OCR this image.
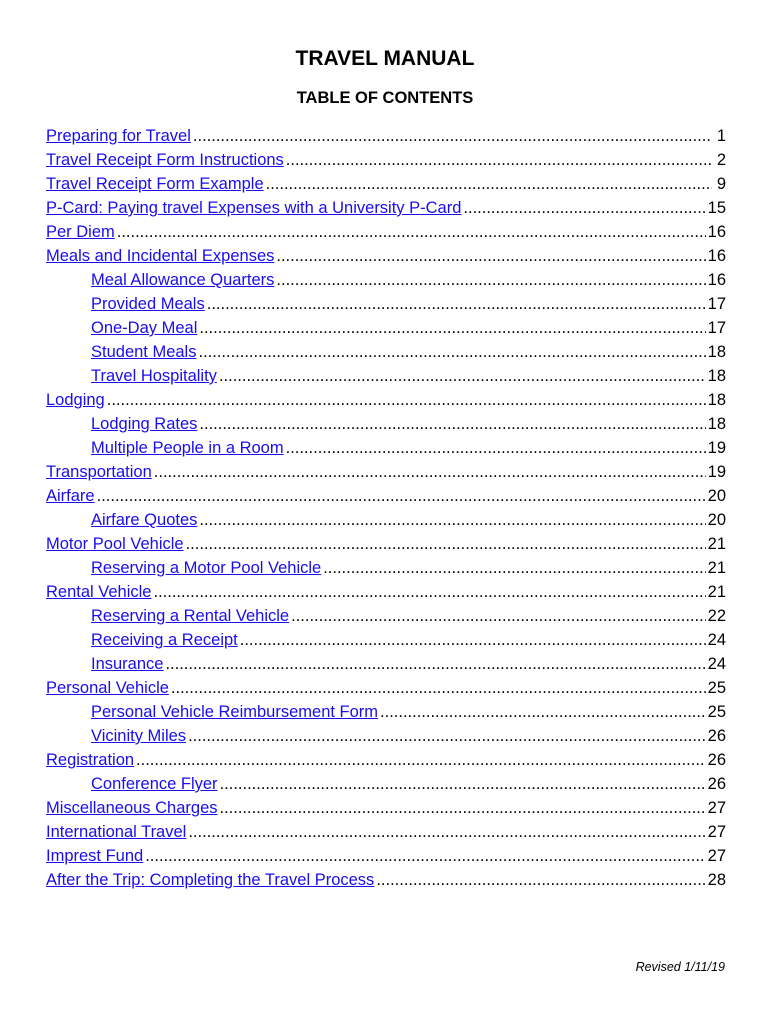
TRAVEL MANUAL
TABLE OF CONTENTS
Preparing for Travel .....	1
Travel Receipt Form Instructions .....	2
Travel Receipt Form Example .....	9
P-Card: Paying travel Expenses with a University P-Card .....	15
Per Diem .....	16
Meals and Incidental Expenses .....	16
Meal Allowance Quarters .....	16
Provided Meals .....	17
One-Day Meal .....	17
Student Meals .....	18
Travel Hospitality .....	18
Lodging .....	18
Lodging Rates .....	18
Multiple People in a Room .....	19
Transportation .....	19
Airfare .....	20
Airfare Quotes .....	20
Motor Pool Vehicle .....	21
Reserving a Motor Pool Vehicle .....	21
Rental Vehicle .....	21
Reserving a Rental Vehicle .....	22
Receiving a Receipt .....	24
Insurance .....	24
Personal Vehicle .....	25
Personal Vehicle Reimbursement Form .....	25
Vicinity Miles .....	26
Registration .....	26
Conference Flyer .....	26
Miscellaneous Charges .....	27
International Travel .....	27
Imprest Fund .....	27
After the Trip: Completing the Travel Process .....	28
Revised 1/11/19
